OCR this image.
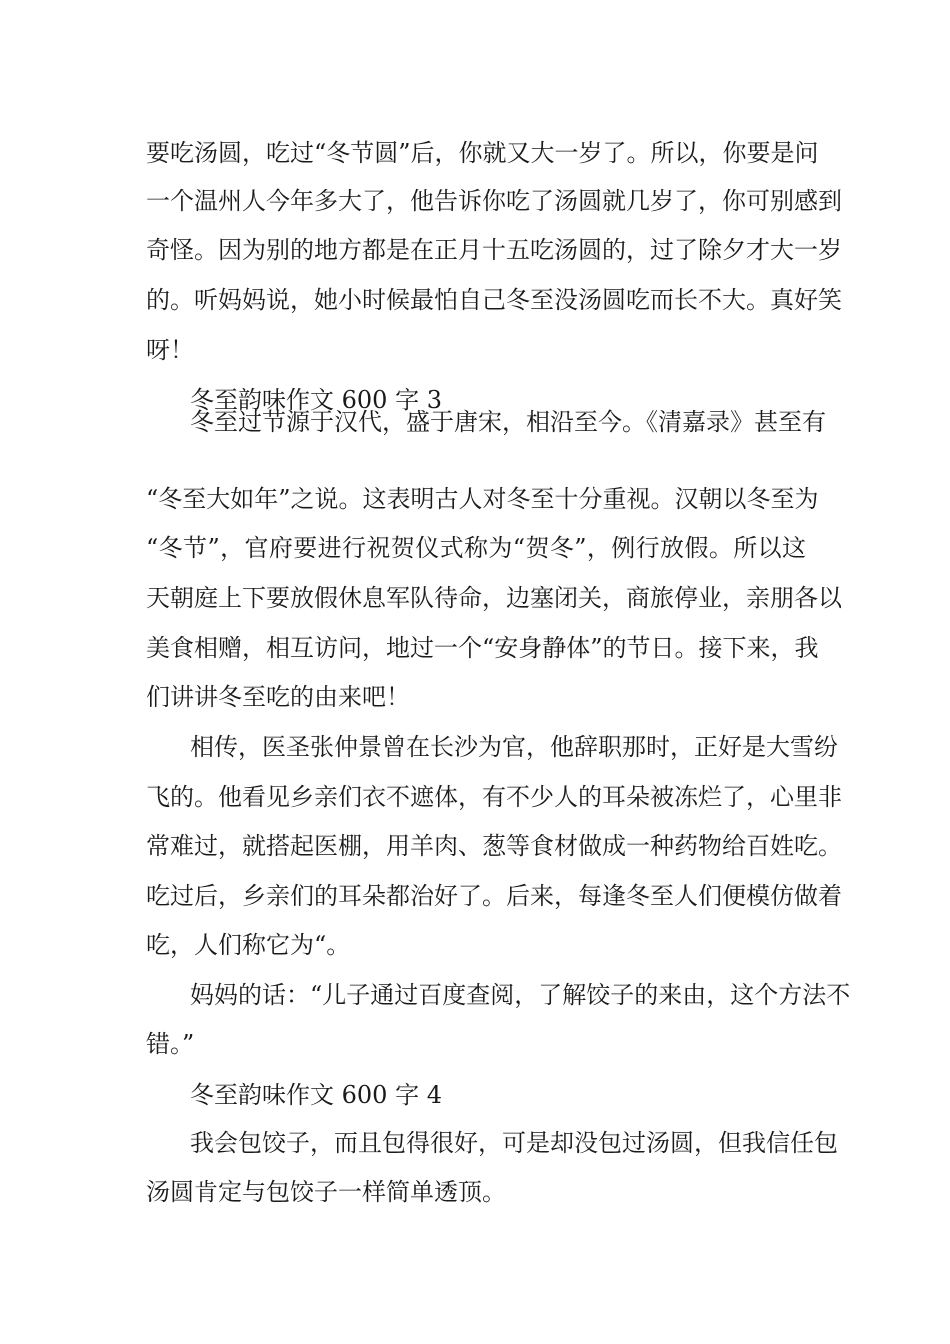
要吃汤圆，吃过“冬节圆”后，你就又大一岁了。所以，你要是问
一个温州人今年多大了，他告诉你吃了汤圆就几岁了，你可别感到
奇怪。因为别的地方都是在正月十五吃汤圆的，过了除夕才大一岁
的。听妈妈说，她小时候最怕自己冬至没汤圆吃而长不大。真好笑
呀！
冬至韵味作文 600 字 3
冬至过节源于汉代，盛于唐宋，相沿至今。《清嘉录》甚至有
“冬至大如年”之说。这表明古人对冬至十分重视。汉朝以冬至为
“冬节”，官府要进行祝贺仪式称为“贺冬”，例行放假。所以这
天朝庭上下要放假休息军队待命，边塞闭关，商旅停业，亲朋各以
美食相赠，相互访问，地过一个“安身静体”的节日。接下来，我
们讲讲冬至吃的由来吧！
相传，医圣张仲景曾在长沙为官，他辞职那时，正好是大雪纷
飞的。他看见乡亲们衣不遮体，有不少人的耳朵被冻烂了，心里非
常难过，就搭起医棚，用羊肉、葱等食材做成一种药物给百姓吃。
吃过后，乡亲们的耳朵都治好了。后来，每逢冬至人们便模仿做着
吃，人们称它为“。
妈妈的话：“儿子通过百度查阅，了解饺子的来由，这个方法不
错。”
冬至韵味作文 600 字 4
我会包饺子，而且包得很好，可是却没包过汤圆，但我信任包
汤圆肯定与包饺子一样简单透顶。
